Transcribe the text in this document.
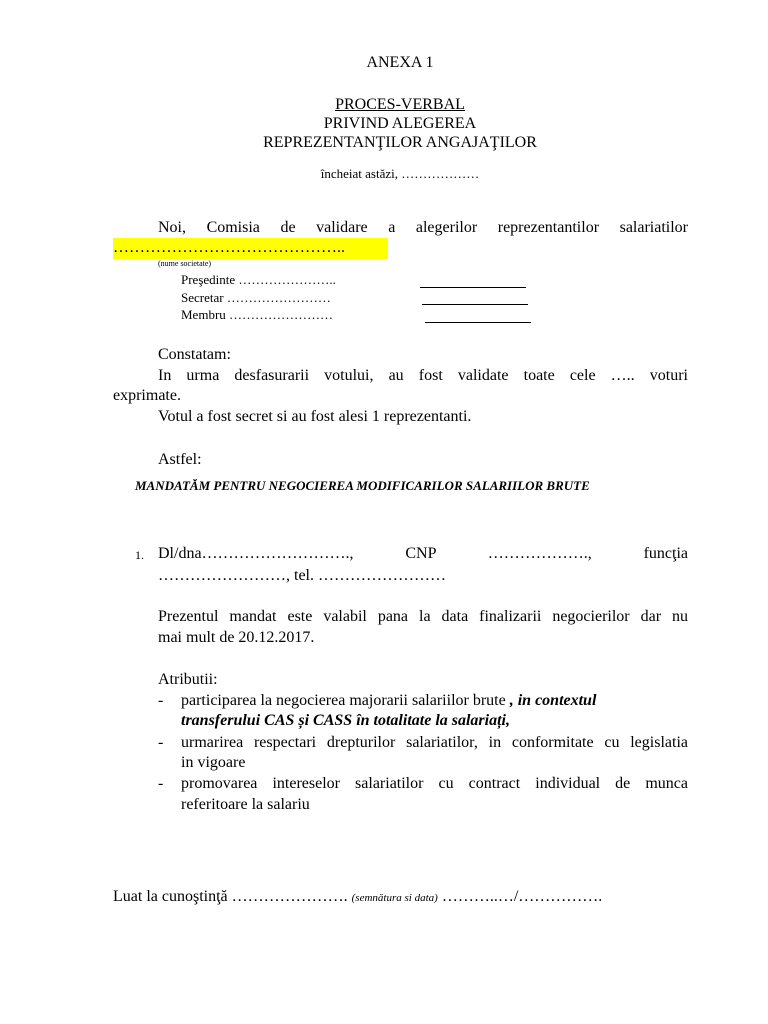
ANEXA 1
PROCES-VERBAL
PRIVIND ALEGEREA
REPREZENTANŢILOR ANGAJAŢILOR
încheiat astăzi, ………………
Noi, Comisia de validare a alegerilor reprezentantilor salariatilor
……………………………………..
(nume societate)
Preşedinte …………………..
Secretar ……………………
Membru ……………………
Constatam:
In urma desfasurarii votului, au fost validate toate cele ….. voturi
exprimate.
Votul a fost secret si au fost alesi 1 reprezentanti.
Astfel:
MANDATĂM PENTRU NEGOCIEREA MODIFICARILOR SALARIILOR BRUTE
1. Dl/dna………………………., CNP ………………., funcţia
……………………, tel. ……………………
Prezentul mandat este valabil pana la data finalizarii negocierilor dar nu
mai mult de 20.12.2017.
Atributii:
- participarea la negocierea majorarii salariilor brute , in contextul
transferului CAS și CASS în totalitate la salariați,
- urmarirea respectari drepturilor salariatilor, in conformitate cu legislatia
in vigoare
- promovarea intereselor salariatilor cu contract individual de munca
referitoare la salariu
Luat la cunoştinţă …………………. (semnătura si data) ………..…/…………….
